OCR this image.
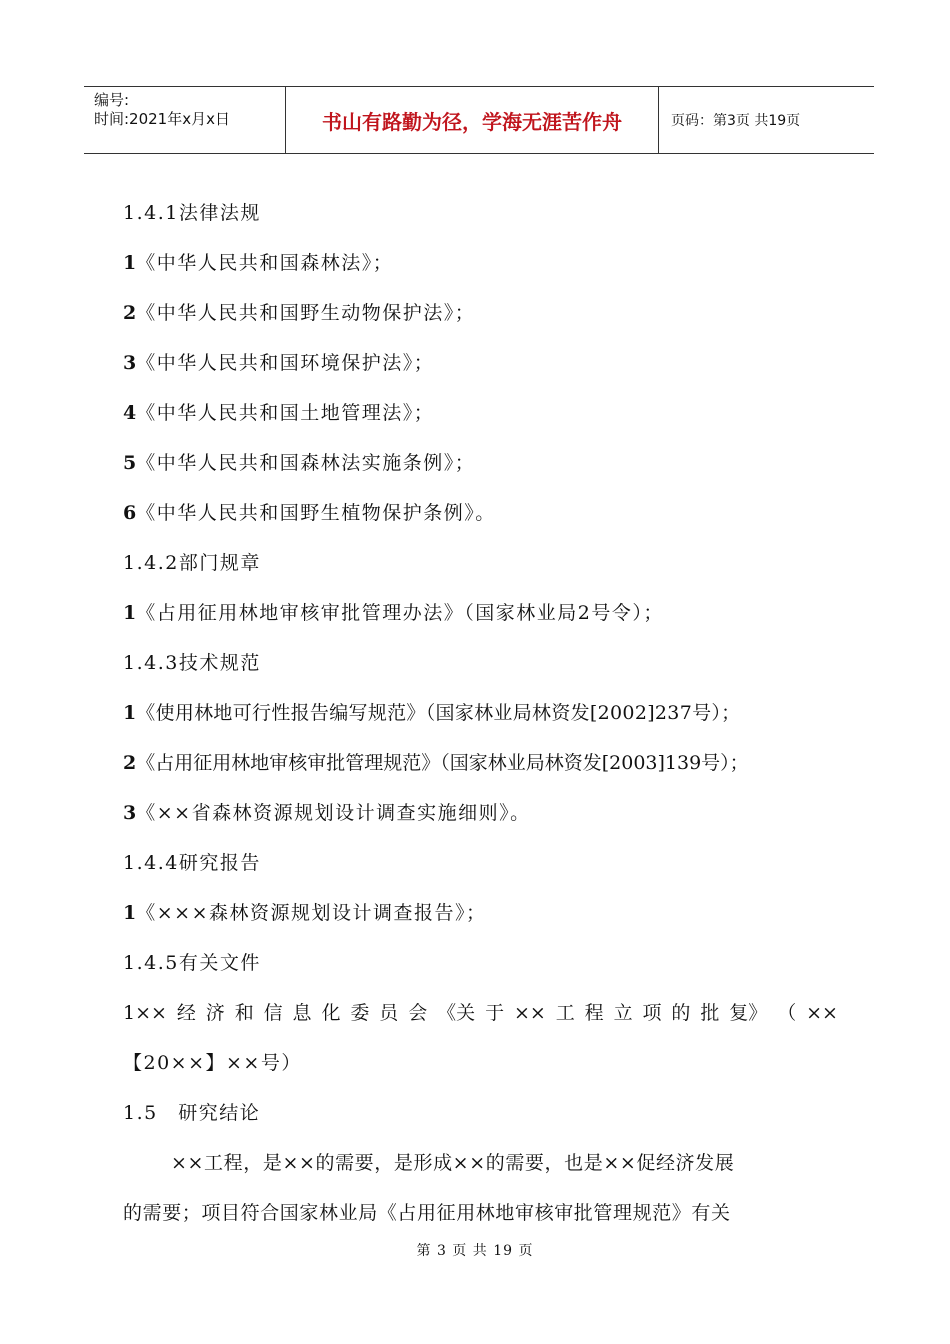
编号:
时间:2021年x月x日	书山有路勤为径，学海无涯苦作舟	页码：第3页 共19页
1.4.1法律法规
1《中华人民共和国森林法》；
2《中华人民共和国野生动物保护法》；
3《中华人民共和国环境保护法》；
4《中华人民共和国土地管理法》；
5《中华人民共和国森林法实施条例》；
6《中华人民共和国野生植物保护条例》。
1.4.2部门规章
1《占用征用林地审核审批管理办法》（国家林业局2号令）；
1.4.3技术规范
1《使用林地可行性报告编写规范》（国家林业局林资发[2002]237号）；
2《占用征用林地审核审批管理规范》（国家林业局林资发[2003]139号）；
3《××省森林资源规划设计调查实施细则》。
1.4.4研究报告
1《×××森林资源规划设计调查报告》；
1.4.5有关文件
1×× 经 济 和 信 息 化 委 员 会 《关 于 ×× 工 程 立 项 的 批 复》 （ ××
【20××】××号）
1.5　研究结论
××工程，是××的需要，是形成××的需要，也是××促经济发展
的需要；项目符合国家林业局《占用征用林地审核审批管理规范》有关
第 3 页 共 19 页
